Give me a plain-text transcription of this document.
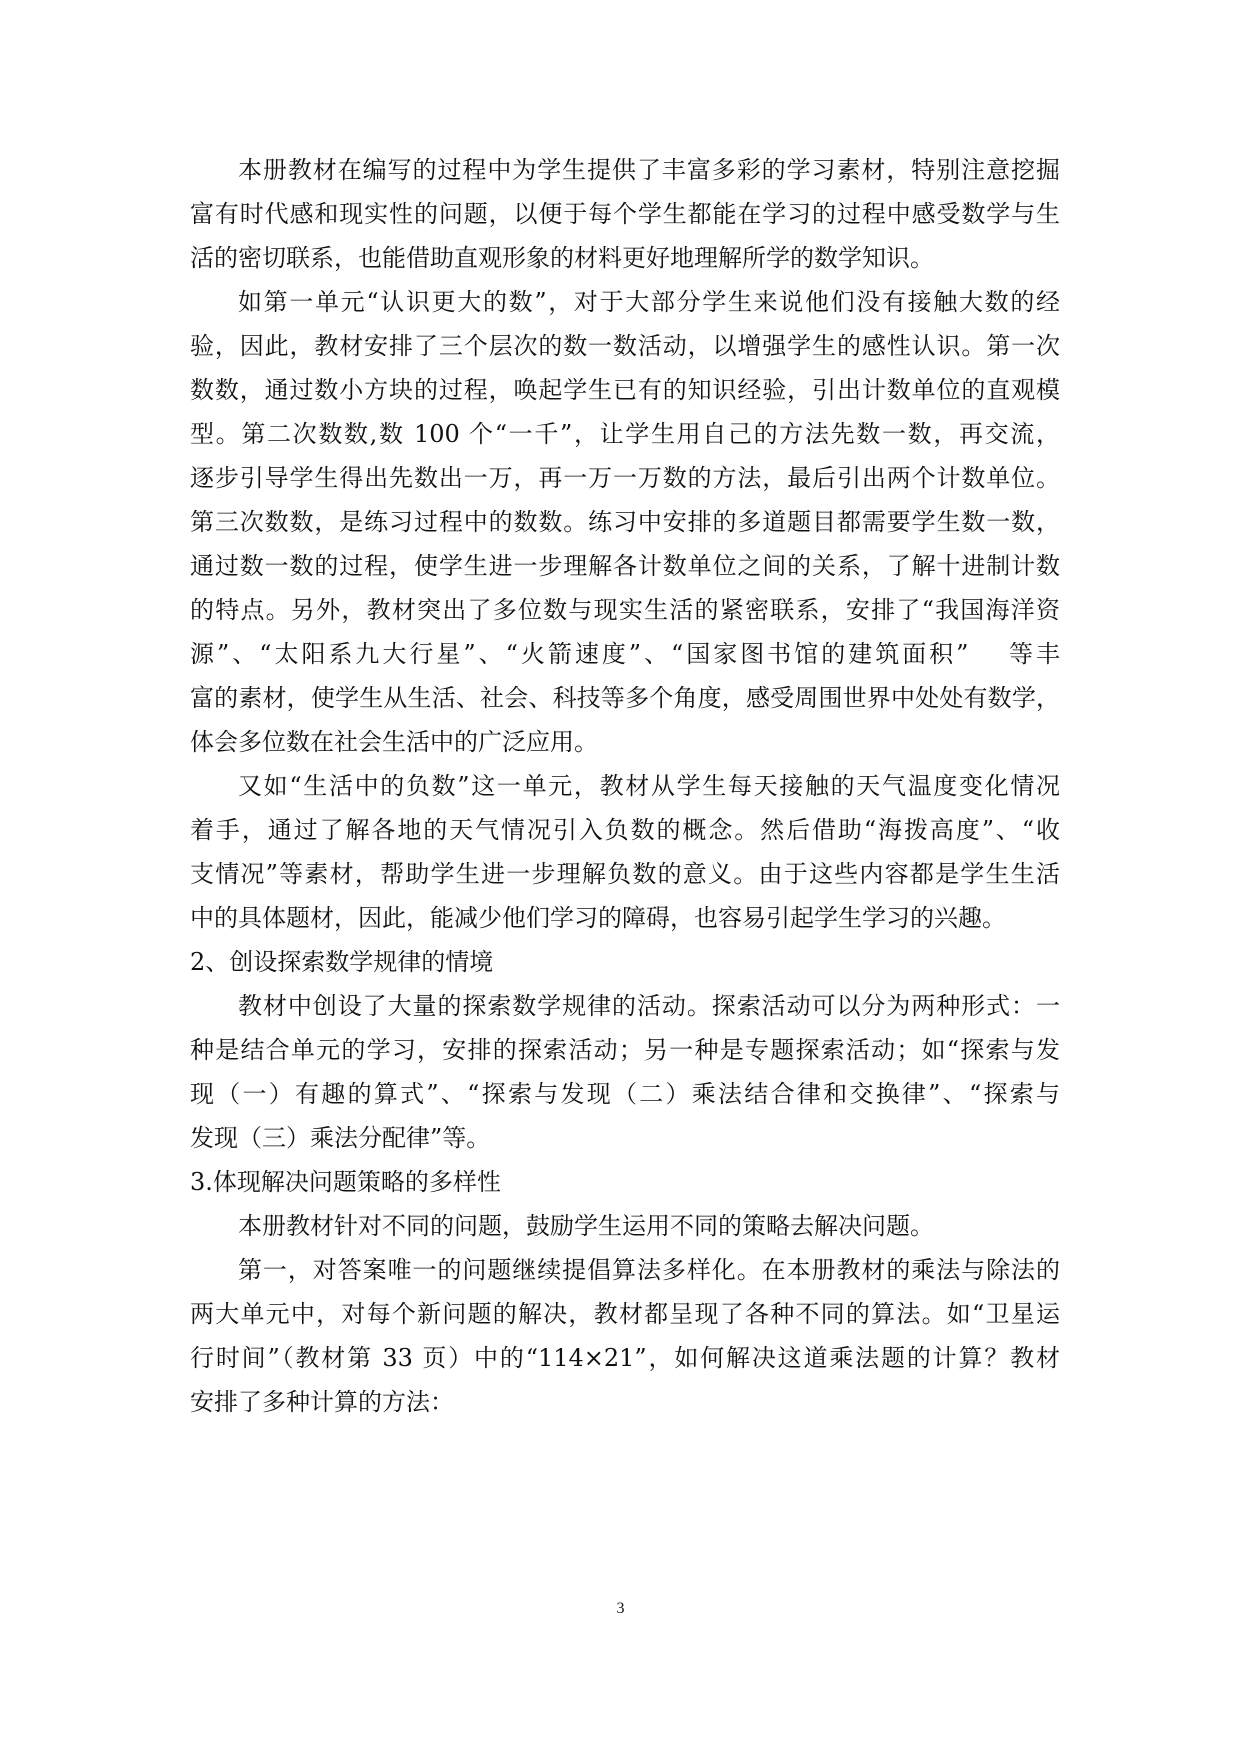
本册教材在编写的过程中为学生提供了丰富多彩的学习素材，特别注意挖掘
富有时代感和现实性的问题，以便于每个学生都能在学习的过程中感受数学与生
活的密切联系，也能借助直观形象的材料更好地理解所学的数学知识。
如第一单元“认识更大的数”，对于大部分学生来说他们没有接触大数的经
验，因此，教材安排了三个层次的数一数活动，以增强学生的感性认识。第一次
数数，通过数小方块的过程，唤起学生已有的知识经验，引出计数单位的直观模
型。第二次数数,数 100 个“一千”，让学生用自己的方法先数一数，再交流，
逐步引导学生得出先数出一万，再一万一万数的方法，最后引出两个计数单位。
第三次数数，是练习过程中的数数。练习中安排的多道题目都需要学生数一数，
通过数一数的过程，使学生进一步理解各计数单位之间的关系，了解十进制计数
的特点。另外，教材突出了多位数与现实生活的紧密联系，安排了“我国海洋资
源”、“太阳系九大行星”、“火箭速度”、“国家图书馆的建筑面积”　 等丰
富的素材，使学生从生活、社会、科技等多个角度，感受周围世界中处处有数学，
体会多位数在社会生活中的广泛应用。
又如“生活中的负数”这一单元，教材从学生每天接触的天气温度变化情况
着手，通过了解各地的天气情况引入负数的概念。然后借助“海拨高度”、“收
支情况”等素材，帮助学生进一步理解负数的意义。由于这些内容都是学生生活
中的具体题材，因此，能减少他们学习的障碍，也容易引起学生学习的兴趣。
2、创设探索数学规律的情境
教材中创设了大量的探索数学规律的活动。探索活动可以分为两种形式：一
种是结合单元的学习，安排的探索活动；另一种是专题探索活动；如“探索与发
现（一）有趣的算式”、“探索与发现（二）乘法结合律和交换律”、“探索与
发现（三）乘法分配律”等。
3.体现解决问题策略的多样性
本册教材针对不同的问题，鼓励学生运用不同的策略去解决问题。
第一，对答案唯一的问题继续提倡算法多样化。在本册教材的乘法与除法的
两大单元中，对每个新问题的解决，教材都呈现了各种不同的算法。如“卫星运
行时间”（教材第 33 页）中的“114×21”，如何解决这道乘法题的计算？教材
安排了多种计算的方法：
3
